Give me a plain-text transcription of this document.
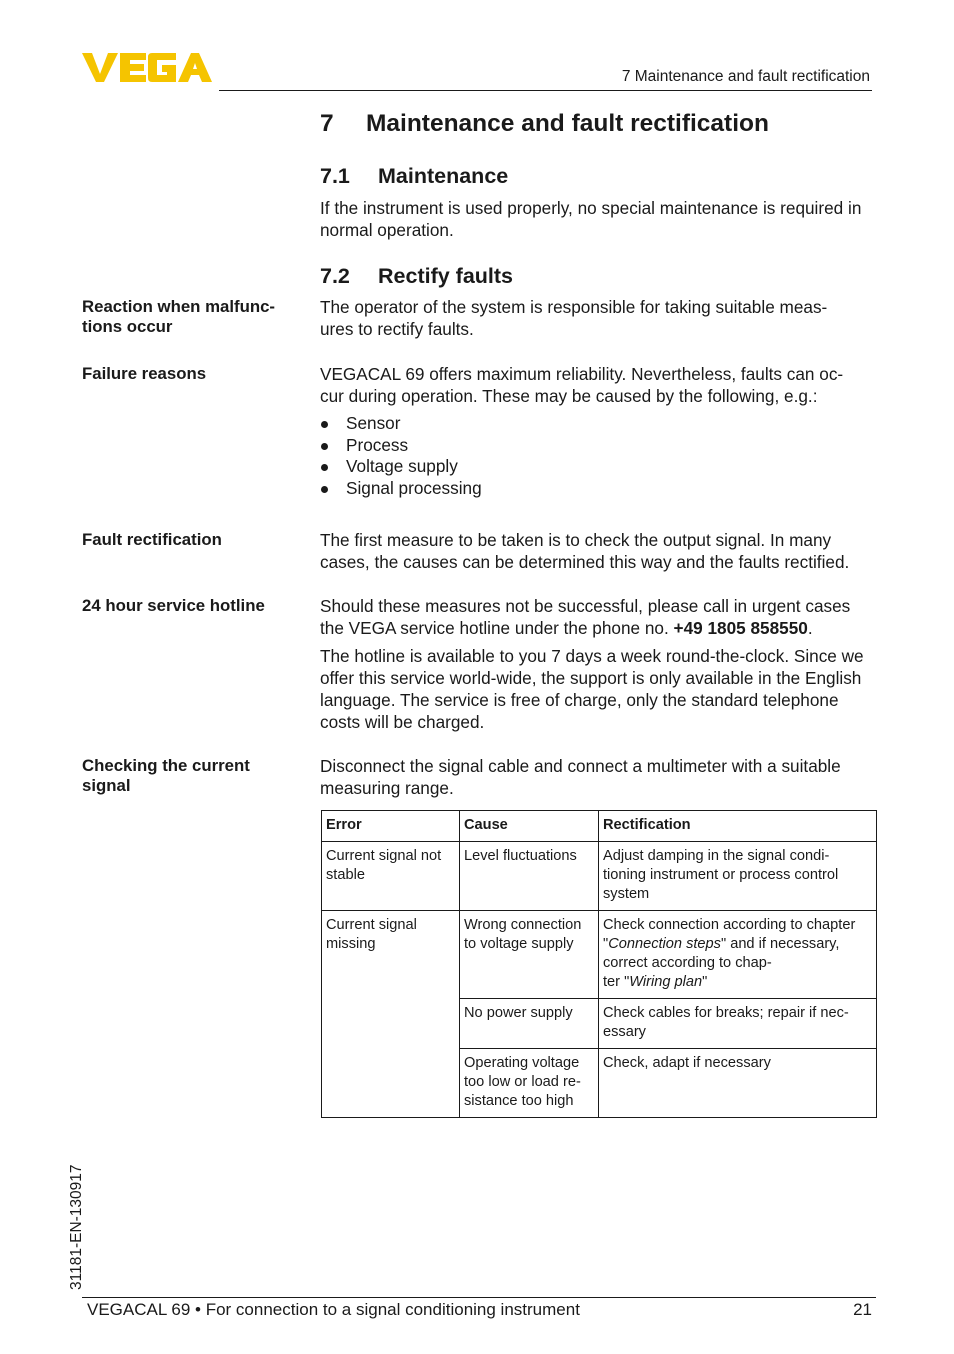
7 Maintenance and fault rectification
7 Maintenance and fault rectification
7.1 Maintenance
If the instrument is used properly, no special maintenance is required in normal operation.
7.2 Rectify faults
Reaction when malfunc-
tions occur
The operator of the system is responsible for taking suitable meas-
ures to rectify faults.
Failure reasons	VEGACAL 69 offers maximum reliability. Nevertheless, faults can oc-
cur during operation. These may be caused by the following, e.g.:
Sensor
Process
Voltage supply
Signal processing
Fault rectification	The first measure to be taken is to check the output signal. In many cases, the causes can be determined this way and the faults rectified.
24 hour service hotline	Should these measures not be successful, please call in urgent cases the VEGA service hotline under the phone no. +49 1805 858550.
The hotline is available to you 7 days a week round-the-clock. Since we offer this service world-wide, the support is only available in the English language. The service is free of charge, only the standard telephone costs will be charged.
Checking the current
signal
Disconnect the signal cable and connect a multimeter with a suitable measuring range.
Error	Cause	Rectification
Current signal not stable	Level fluctuations	Adjust damping in the signal condi-
tioning instrument or process control system
Current signal missing	Wrong connection to voltage supply	Check connection according to chapter "Connection steps" and if necessary, correct according to chap-
ter "Wiring plan"
	No power supply	Check cables for breaks; repair if nec-
essary
	Operating voltage too low or load re-
sistance too high	Check, adapt if necessary
31181-EN-130917
VEGACAL 69 • For connection to a signal conditioning instrument	21
